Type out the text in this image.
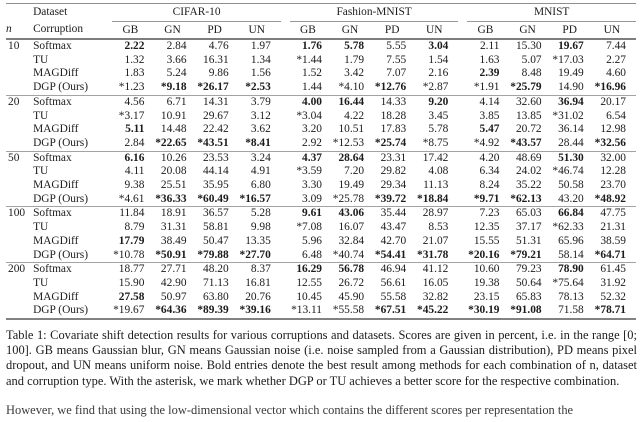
	Dataset	CIFAR-10					Fashion-MNIST					MNIST			
n	Corruption	GB	GN	PD	UN		GB	GN	PD	UN		GB	GN	PD	UN
10	Softmax	2.22	2.84	4.76	1.97		1.76	5.78	5.55	3.04		2.11	15.30	19.67	7.44
	TU	1.32	3.66	16.31	1.34		*1.44	1.79	7.55	1.54		1.63	5.07	*17.03	2.27
	MAGDiff	1.83	5.24	9.86	1.56		1.52	3.42	7.07	2.16		2.39	8.48	19.49	4.60
	DGP (Ours)	*1.23	*9.18	*26.17	*2.53		1.44	*4.10	*12.76	*2.87		*1.91	*25.79	14.90	*16.96
20	Softmax	4.56	6.71	14.31	3.79		4.00	16.44	14.33	9.20		4.14	32.60	36.94	20.17
	TU	*3.17	10.91	29.67	3.12		*3.04	4.22	18.28	3.45		3.85	13.85	*31.02	6.54
	MAGDiff	5.11	14.48	22.42	3.62		3.20	10.51	17.83	5.78		5.47	20.72	36.14	12.98
	DGP (Ours)	2.84	*22.65	*43.51	*8.41		2.92	*12.53	*25.74	*8.75		*4.92	*43.57	28.44	*32.56
50	Softmax	6.16	10.26	23.53	3.24		4.37	28.64	23.31	17.42		4.20	48.69	51.30	32.00
	TU	4.11	20.08	44.14	4.91		*3.59	7.20	29.82	4.08		6.34	24.02	*46.74	12.28
	MAGDiff	9.38	25.51	35.95	6.80		3.30	19.49	29.34	11.13		8.24	35.22	50.58	23.70
	DGP (Ours)	*4.61	*36.33	*60.49	*16.57		3.09	*25.78	*39.72	*18.84		*9.71	*62.13	43.20	*48.92
100	Softmax	11.84	18.91	36.57	5.28		9.61	43.06	35.44	28.97		7.23	65.03	66.84	47.75
	TU	8.79	31.31	58.81	9.98		*7.08	16.07	43.47	8.53		12.35	37.17	*62.33	21.31
	MAGDiff	17.79	38.49	50.47	13.35		5.96	32.84	42.70	21.07		15.55	51.31	65.96	38.59
	DGP (Ours)	*10.78	*50.91	*79.88	*27.70		6.48	*40.74	*54.41	*31.78		*20.16	*79.21	58.14	*64.71
200	Softmax	18.77	27.71	48.20	8.37		16.29	56.78	46.94	41.12		10.60	79.23	78.90	61.45
	TU	15.90	42.90	71.13	16.81		12.55	26.72	56.61	16.05		19.38	50.64	*75.64	31.92
	MAGDiff	27.58	50.97	63.80	20.76		10.45	45.90	55.58	32.82		23.15	65.83	78.13	52.32
	DGP (Ours)	*19.67	*64.36	*89.39	*39.16		*13.11	*55.58	*67.51	*45.22		*30.19	*91.08	71.58	*78.71
Table 1: Covariate shift detection results for various corruptions and datasets. Scores are given in percent, i.e. in the range [0; 100]. GB means Gaussian blur, GN means Gaussian noise (i.e. noise sampled from a Gaussian distribution), PD means pixel dropout, and UN means uniform noise. Bold entries denote the best result among methods for each combination of n, dataset and corruption type. With the asterisk, we mark whether DGP or TU achieves a better score for the respective combination.
However, we find that using the low-dimensional vector which contains the different scores per representation the
